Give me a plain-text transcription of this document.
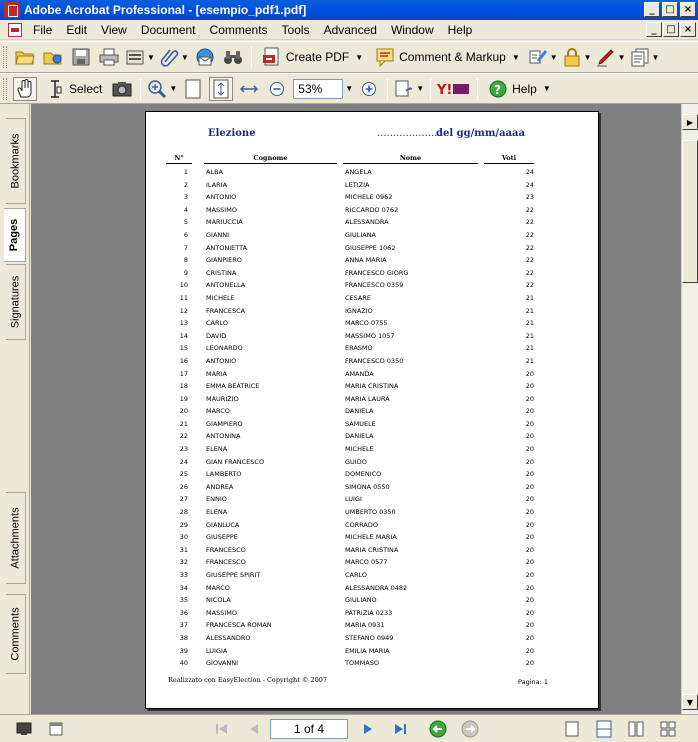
Adobe Acrobat Professional - [esempio_pdf1.pdf]	_	□ ×
File	Edit	View	Document	Comments	Tools	Advanced	Window	Help	_ □ ×
▼	▼	Create PDF ▼	Comment & Markup ▼	▼	▼	▼	▼
Select	▼	53%	▼	▼ Y!	? Help ▼
Bookmarks
Pages
Signatures
Attachments
Comments
Elezione	....................
del gg/mm/aaaa
N°	Cognome	Nome	Voti
1	ALBA	ANGELA	24
2	ILARIA	LETIZIA	24
3	ANTONIO	MICHELE 0962	23
4	MASSIMO	RICCARDO 0762	22
5	MARIUCCIA	ALESSANDRA	22
6	GIANNI	GIULIANA	22
7	ANTONIETTA	GIUSEPPE 1062	22
8	GIANPIERO	ANNA MARIA	22
9	CRISTINA	FRANCESCO GIORG	22
10	ANTONELLA	FRANCESCO 0359	22
11	MICHELE	CESARE	21
12	FRANCESCA	IGNAZIO	21
13	CARLO	MARCO 0755	21
14	DAVID	MASSIMO 1057	21
15	LEONARDO	ERASMO	21
16	ANTONIO	FRANCESCO 0350	21
17	MARIA	AMANDA	20
18	EMMA BEATRICE	MARIA CRISTINA	20
19	MAURIZIO	MARIA LAURA	20
20	MARCO	DANIELA	20
21	GIAMPIERO	SAMUELE	20
22	ANTONINA	DANIELA	20
23	ELENA	MICHELE	20
24	GIAN FRANCESCO	GUIDO	20
25	LAMBERTO	DOMENICO	20
26	ANDREA	SIMONA 0550	20
27	ENNIO	LUIGI	20
28	ELENA	UMBERTO 0350	20
29	GIANLUCA	CORRADO	20
30	GIUSEPPE	MICHELE MARIA	20
31	FRANCESCO	MARIA CRISTINA	20
32	FRANCESCO	MARCO 0577	20
33	GIUSEPPE SPIRIT	CARLO	20
34	MARCO	ALESSANDRA 0482	20
35	NICOLA	GIULIANO	20
36	MASSIMO	PATRIZIA 0233	20
37	FRANCESCA ROMAN	MARIA 0931	20
38	ALESSANDRO	STEFANO 0949	20
39	LUIGIA	EMILIA MARIA	20
40	GIOVANNI	TOMMASO	20
Realizzato con EasyElection - Copyright © 2007	Pagina: 1
▶
▼
1 of 4
